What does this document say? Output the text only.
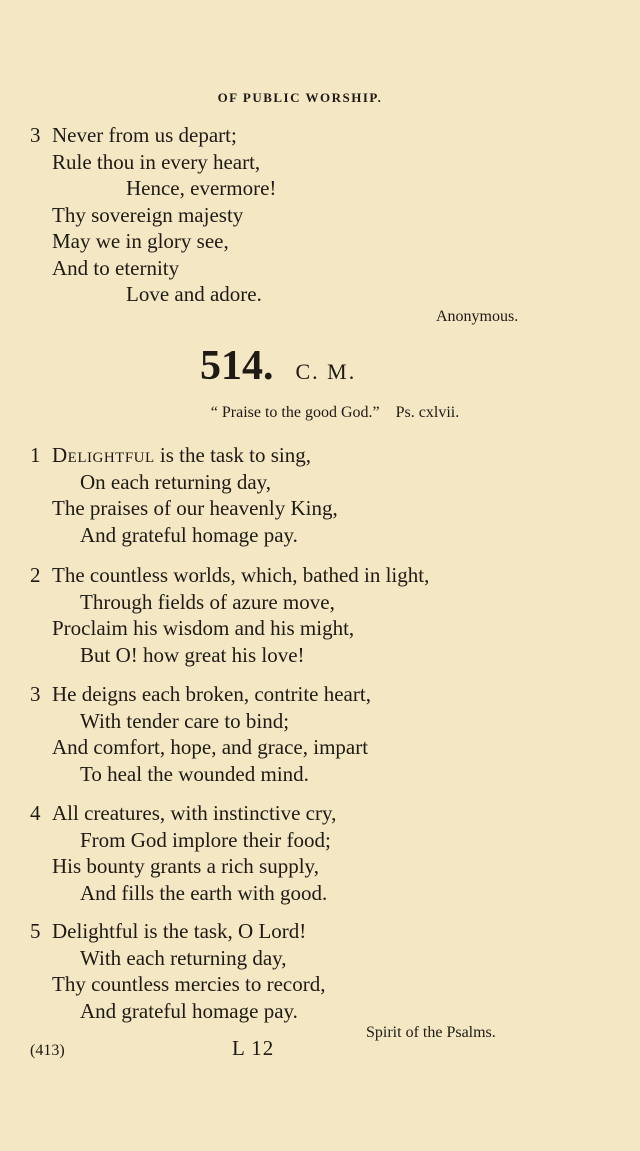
OF PUBLIC WORSHIP.
3 Never from us depart;
Rule thou in every heart,
Hence, evermore!
Thy sovereign majesty
May we in glory see,
And to eternity
Love and adore.
Anonymous.
514. C. M.
“ Praise to the good God.” Ps. cxlvii.
1 Delightful is the task to sing,
On each returning day,
The praises of our heavenly King,
And grateful homage pay.
2 The countless worlds, which, bathed in light,
Through fields of azure move,
Proclaim his wisdom and his might,
But O! how great his love!
3 He deigns each broken, contrite heart,
With tender care to bind;
And comfort, hope, and grace, impart
To heal the wounded mind.
4 All creatures, with instinctive cry,
From God implore their food;
His bounty grants a rich supply,
And fills the earth with good.
5 Delightful is the task, O Lord!
With each returning day,
Thy countless mercies to record,
And grateful homage pay.
Spirit of the Psalms.
(413)	L 12
